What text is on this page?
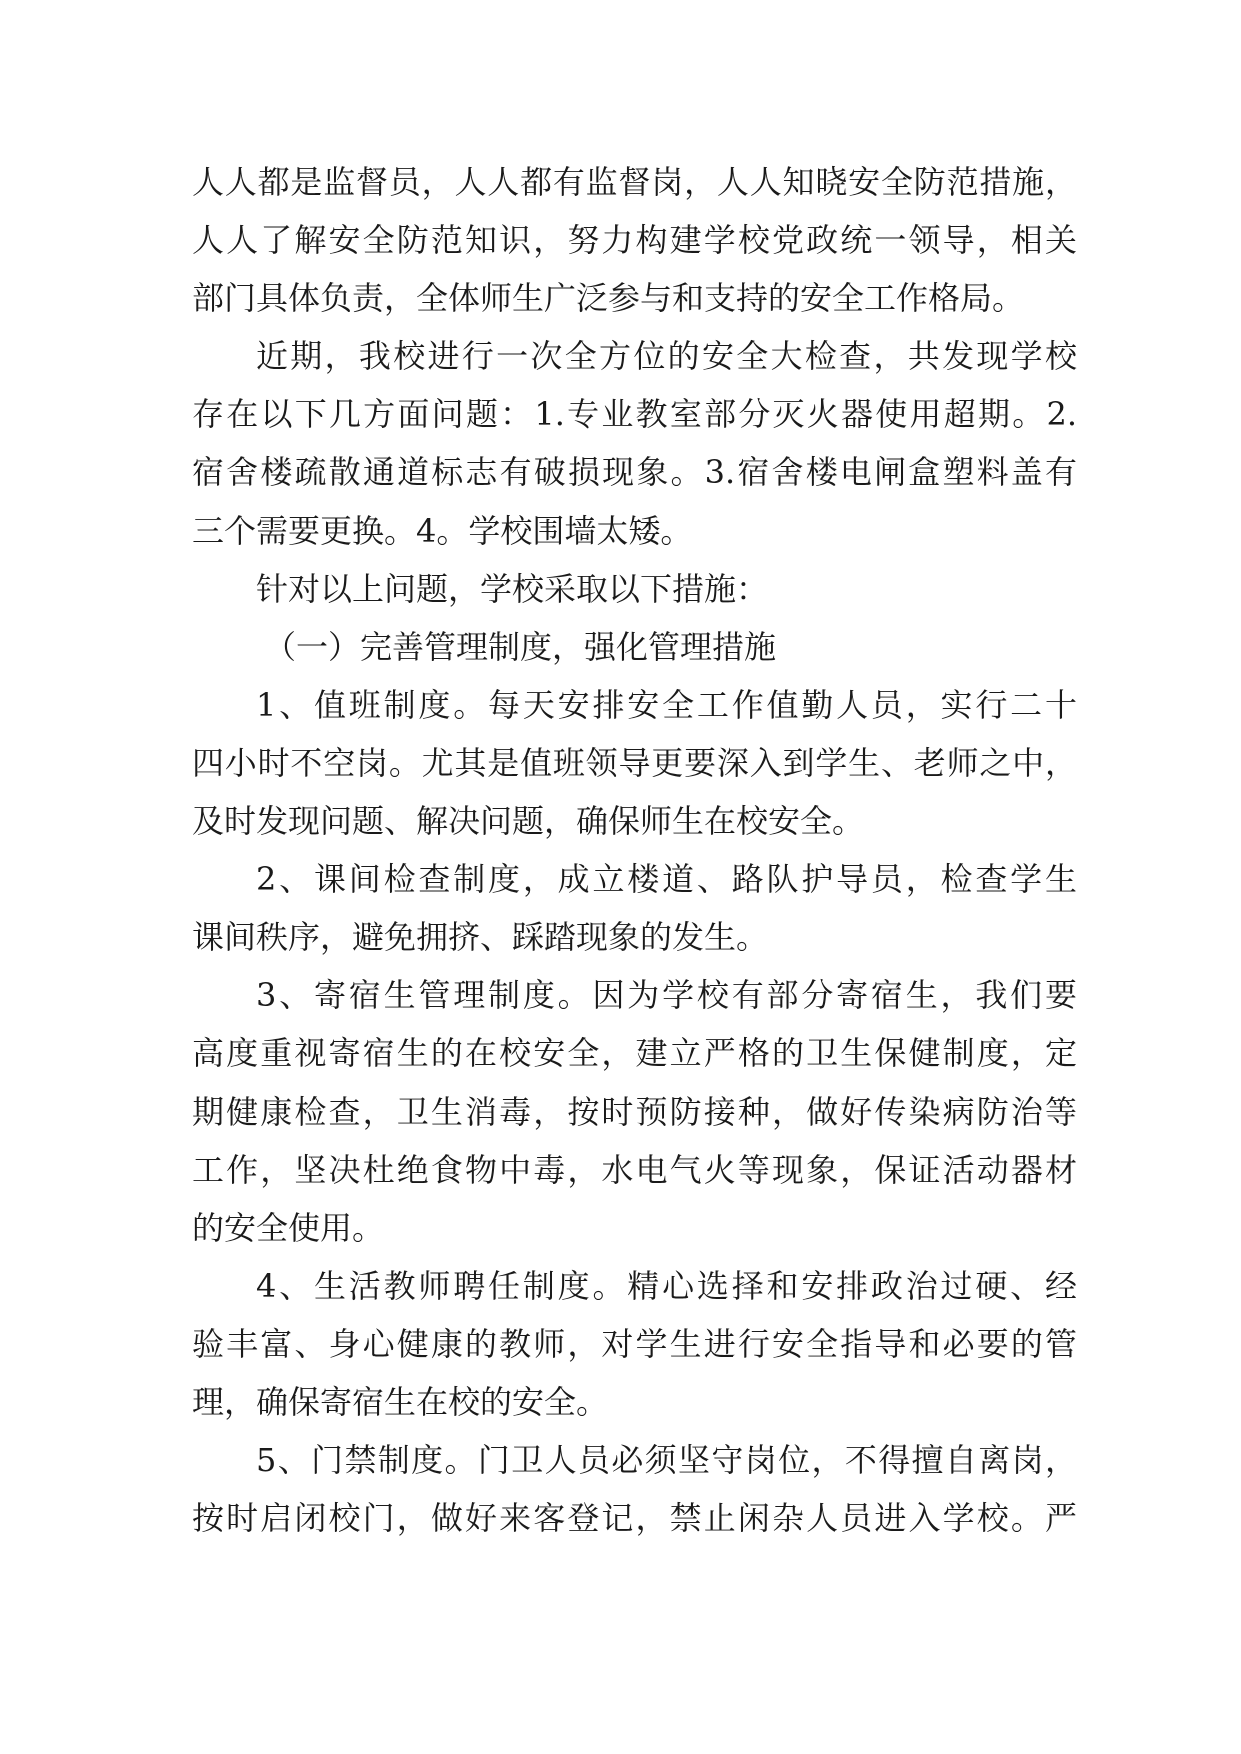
人人都是监督员，人人都有监督岗，人人知晓安全防范措施，
人人了解安全防范知识，努力构建学校党政统一领导，相关
部门具体负责，全体师生广泛参与和支持的安全工作格局。
近期，我校进行一次全方位的安全大检查，共发现学校
存在以下几方面问题：1.专业教室部分灭火器使用超期。2.
宿舍楼疏散通道标志有破损现象。3.宿舍楼电闸盒塑料盖有
三个需要更换。4。学校围墙太矮。
针对以上问题，学校采取以下措施：
（一）完善管理制度，强化管理措施
1、值班制度。每天安排安全工作值勤人员，实行二十
四小时不空岗。尤其是值班领导更要深入到学生、老师之中，
及时发现问题、解决问题，确保师生在校安全。
2、课间检查制度，成立楼道、路队护导员，检查学生
课间秩序，避免拥挤、踩踏现象的发生。
3、寄宿生管理制度。因为学校有部分寄宿生，我们要
高度重视寄宿生的在校安全，建立严格的卫生保健制度，定
期健康检查，卫生消毒，按时预防接种，做好传染病防治等
工作，坚决杜绝食物中毒，水电气火等现象，保证活动器材
的安全使用。
4、生活教师聘任制度。精心选择和安排政治过硬、经
验丰富、身心健康的教师，对学生进行安全指导和必要的管
理，确保寄宿生在校的安全。
5、门禁制度。门卫人员必须坚守岗位，不得擅自离岗，
按时启闭校门，做好来客登记，禁止闲杂人员进入学校。严
